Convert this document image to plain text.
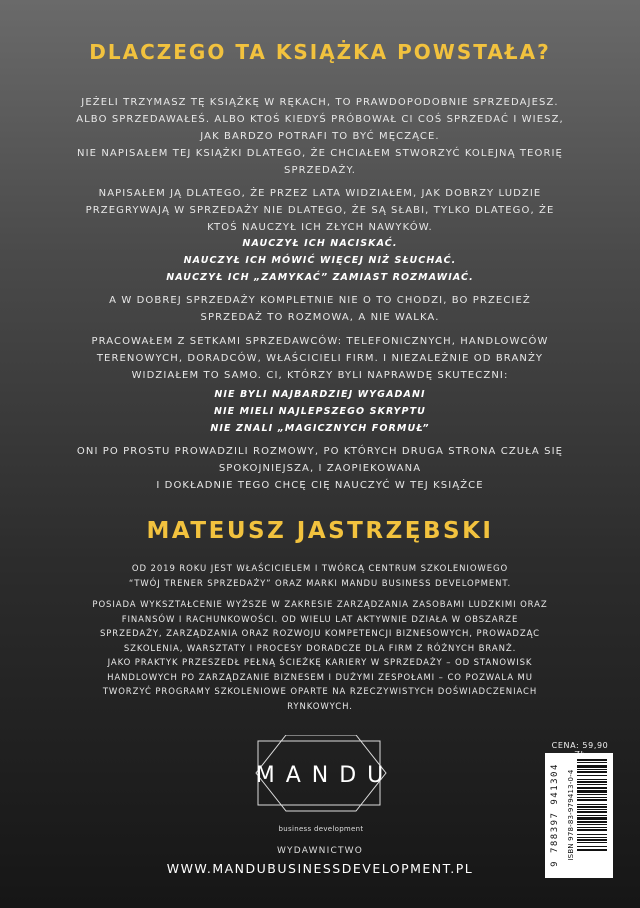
DLACZEGO TA KSIĄŻKA POWSTAŁA?

JEŻELI TRZYMASZ TĘ KSIĄŻKĘ W RĘKACH, TO PRAWDOPODOBNIE SPRZEDAJESZ.
ALBO SPRZEDAWAŁEŚ. ALBO KTOŚ KIEDYŚ PRÓBOWAŁ CI COŚ SPRZEDAĆ I WIESZ,
JAK BARDZO POTRAFI TO BYĆ MĘCZĄCE.

NIE NAPISAŁEM TEJ KSIĄŻKI DLATEGO, ŻE CHCIAŁEM STWORZYĆ KOLEJNĄ TEORIĘ
SPRZEDAŻY.

NAPISAŁEM JĄ DLATEGO, ŻE PRZEZ LATA WIDZIAŁEM, JAK DOBRZY LUDZIE
PRZEGRYWAJĄ W SPRZEDAŻY NIE DLATEGO, ŻE SĄ SŁABI, TYLKO DLATEGO, ŻE
KTOŚ NAUCZYŁ ICH ZŁYCH NAWYKÓW.

NAUCZYŁ ICH NACISKAĆ.
NAUCZYŁ ICH MÓWIĆ WIĘCEJ NIŻ SŁUCHAĆ.
NAUCZYŁ ICH „ZAMYKAĆ” ZAMIAST ROZMAWIAĆ.

A W DOBREJ SPRZEDAŻY KOMPLETNIE NIE O TO CHODZI, BO PRZECIEŻ
SPRZEDAŻ TO ROZMOWA, A NIE WALKA.

PRACOWAŁEM Z SETKAMI SPRZEDAWCÓW: TELEFONICZNYCH, HANDLOWCÓW
TERENOWYCH, DORADCÓW, WŁAŚCICIELI FIRM. I NIEZALEŻNIE OD BRANŻY
WIDZIAŁEM TO SAMO. CI, KTÓRZY BYLI NAPRAWDĘ SKUTECZNI:

NIE BYLI NAJBARDZIEJ WYGADANI
NIE MIELI NAJLEPSZEGO SKRYPTU
NIE ZNALI „MAGICZNYCH FORMUŁ”

ONI PO PROSTU PROWADZILI ROZMOWY, PO KTÓRYCH DRUGA STRONA CZUŁA SIĘ
SPOKOJNIEJSZA, I ZAOPIEKOWANA
I DOKŁADNIE TEGO CHCĘ CIĘ NAUCZYĆ W TEJ KSIĄŻCE

MATEUSZ JASTRZĘBSKI

OD 2019 ROKU JEST WŁAŚCICIELEM I TWÓRCĄ CENTRUM SZKOLENIOWEGO
“TWÓJ TRENER SPRZEDAŻY” ORAZ MARKI MANDU BUSINESS DEVELOPMENT.

POSIADA WYKSZTAŁCENIE WYŻSZE W ZAKRESIE ZARZĄDZANIA ZASOBAMI LUDZKIMI ORAZ
FINANSÓW I RACHUNKOWOŚCI. OD WIELU LAT AKTYWNIE DZIAŁA W OBSZARZE
SPRZEDAŻY, ZARZĄDZANIA ORAZ ROZWOJU KOMPETENCJI BIZNESOWYCH, PROWADZĄC
SZKOLENIA, WARSZTATY I PROCESY DORADCZE DLA FIRM Z RÓŻNYCH BRANŻ.

JAKO PRAKTYK PRZESZEDŁ PEŁNĄ ŚCIEŻKĘ KARIERY W SPRZEDAŻY – OD STANOWISK
HANDLOWYCH PO ZARZĄDZANIE BIZNESEM I DUŻYMI ZESPOŁAMI – CO POZWALA MU
TWORZYĆ PROGRAMY SZKOLENIOWE OPARTE NA RZECZYWISTYCH DOŚWIADCZENIACH
RYNKOWYCH.

MANDU
business development
WYDAWNICTWO
WWW.MANDUBUSINESSDEVELOPMENT.PL
CENA: 59,90
9 788397 941304 ISBN 978-83-979413-0-4
